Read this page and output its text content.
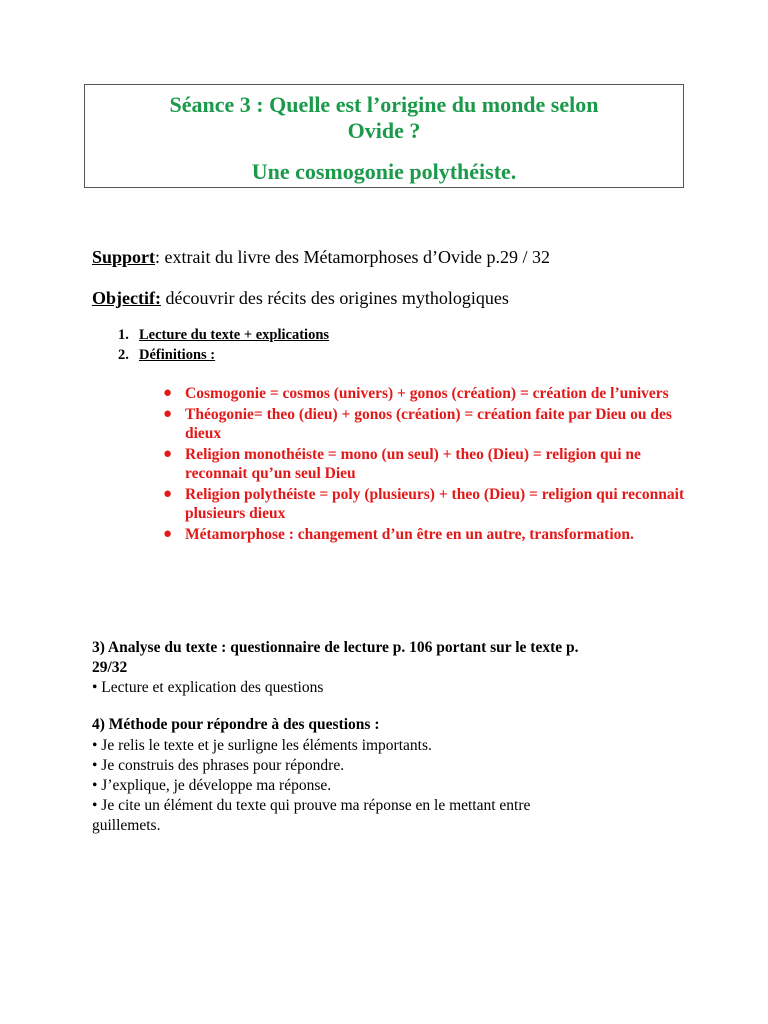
Séance 3 : Quelle est l’origine du monde selon
Ovide ?
Une cosmogonie polythéiste.
Support: extrait du livre des Métamorphoses d’Ovide p.29 / 32
Objectif: découvrir des récits des origines mythologiques
1. Lecture du texte + explications
2. Définitions :
● Cosmogonie = cosmos (univers) + gonos (création) = création de l’univers
● Théogonie= theo (dieu) + gonos (création) = création faite par Dieu ou des dieux
● Religion monothéiste = mono (un seul) + theo (Dieu) = religion qui ne reconnait qu’un seul Dieu
● Religion polythéiste = poly (plusieurs) + theo (Dieu) = religion qui reconnait plusieurs dieux
● Métamorphose : changement d’un être en un autre, transformation.
3) Analyse du texte : questionnaire de lecture p. 106 portant sur le texte p.
29/32
• Lecture et explication des questions
4) Méthode pour répondre à des questions :
• Je relis le texte et je surligne les éléments importants.
• Je construis des phrases pour répondre.
• J’explique, je développe ma réponse.
• Je cite un élément du texte qui prouve ma réponse en le mettant entre
guillemets.
